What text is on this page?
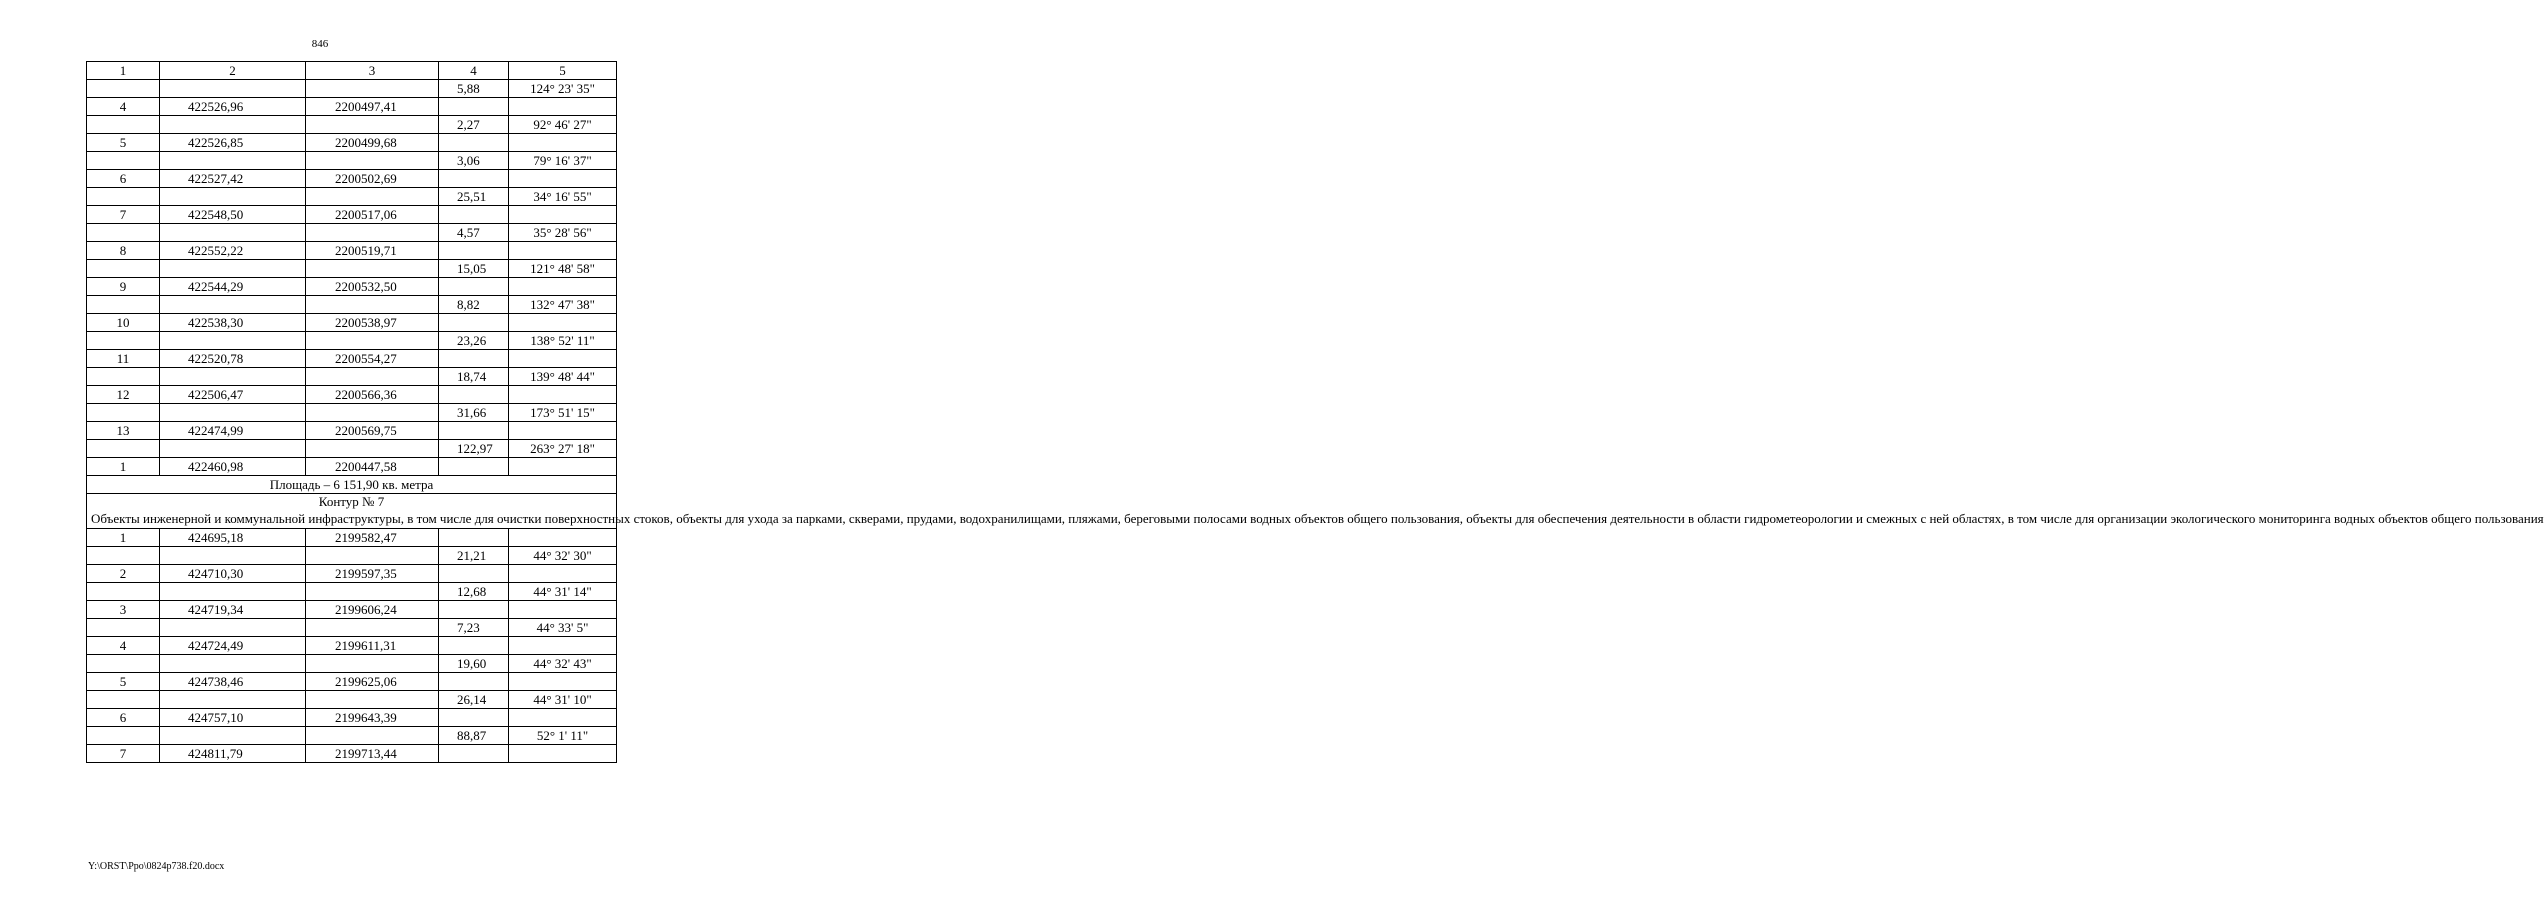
846
1	2	3	4	5
			5,88	124° 23' 35"
4	422526,96	2200497,41		
			2,27	92° 46' 27"
5	422526,85	2200499,68		
			3,06	79° 16' 37"
6	422527,42	2200502,69		
			25,51	34° 16' 55"
7	422548,50	2200517,06		
			4,57	35° 28' 56"
8	422552,22	2200519,71		
			15,05	121° 48' 58"
9	422544,29	2200532,50		
			8,82	132° 47' 38"
10	422538,30	2200538,97		
			23,26	138° 52' 11"
11	422520,78	2200554,27		
			18,74	139° 48' 44"
12	422506,47	2200566,36		
			31,66	173° 51' 15"
13	422474,99	2200569,75		
			122,97	263° 27' 18"
1	422460,98	2200447,58		
Площадь – 6 151,90 кв. метра				

Контур № 7
Объекты инженерной и коммунальной инфраструктуры, в том числе для очистки поверхностных стоков, объекты для ухода за парками, скверами, прудами, водохранилищами, пляжами, береговыми полосами водных объектов общего пользования, объекты для обеспечения деятельности в области гидрометеорологии и смежных с ней областях, в том числе для организации экологического мониторинга водных объектов общего пользования				

1	424695,18	2199582,47		
			21,21	44° 32' 30"
2	424710,30	2199597,35		
			12,68	44° 31' 14"
3	424719,34	2199606,24		
			7,23	44° 33' 5"
4	424724,49	2199611,31		
			19,60	44° 32' 43"
5	424738,46	2199625,06		
			26,14	44° 31' 10"
6	424757,10	2199643,39		
			88,87	52° 1' 11"
7	424811,79	2199713,44		
Y:\ORST\Ppo\0824p738.f20.docx
